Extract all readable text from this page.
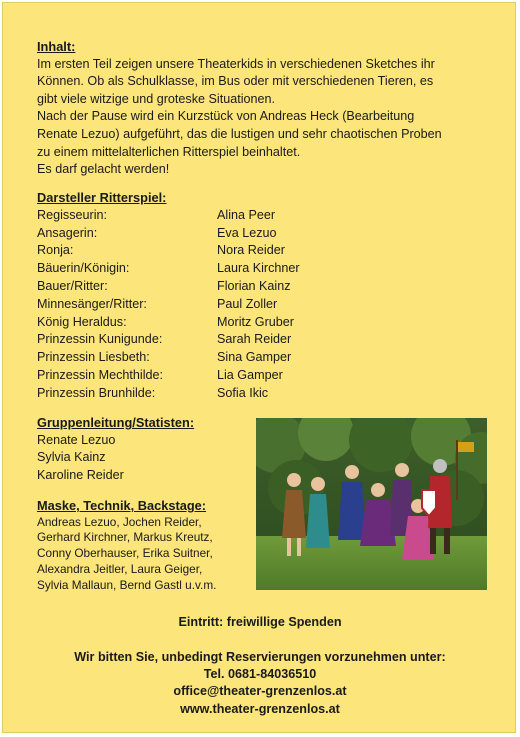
Inhalt:

Im ersten Teil zeigen unsere Theaterkids in verschiedenen Sketches ihr

Können. Ob als Schulklasse, im Bus oder mit verschiedenen Tieren, es

gibt viele witzige und groteske Situationen.

Nach der Pause wird ein Kurzstück von Andreas Heck (Bearbeitung

Renate Lezuo) aufgeführt, das die lustigen und sehr chaotischen Proben

zu einem mittelalterlichen Ritterspiel beinhaltet.

Es darf gelacht werden!

Darsteller Ritterspiel:
Regisseurin:	Alina Peer
Ansagerin:	Eva Lezuo
Ronja:	Nora Reider
Bäuerin/Königin:	Laura Kirchner
Bauer/Ritter:	Florian Kainz
Minnesänger/Ritter:	Paul Zoller
König Heraldus:	Moritz Gruber
Prinzessin Kunigunde:	Sarah Reider
Prinzessin Liesbeth:	Sina Gamper
Prinzessin Mechthilde:	Lia Gamper
Prinzessin Brunhilde:	Sofia Ikic
Gruppenleitung/Statisten:
Renate Lezuo
Sylvia Kainz
Karoline Reider
Maske, Technik, Backstage:
Andreas Lezuo, Jochen Reider,
Gerhard Kirchner, Markus Kreutz,
Conny Oberhauser, Erika Suitner,
Alexandra Jeitler, Laura Geiger,
Sylvia Mallaun, Bernd Gastl u.v.m.
Eintritt: freiwillige Spenden
Wir bitten Sie, unbedingt Reservierungen vorzunehmen unter:
Tel. 0681-84036510
office@theater-grenzenlos.at
www.theater-grenzenlos.at
